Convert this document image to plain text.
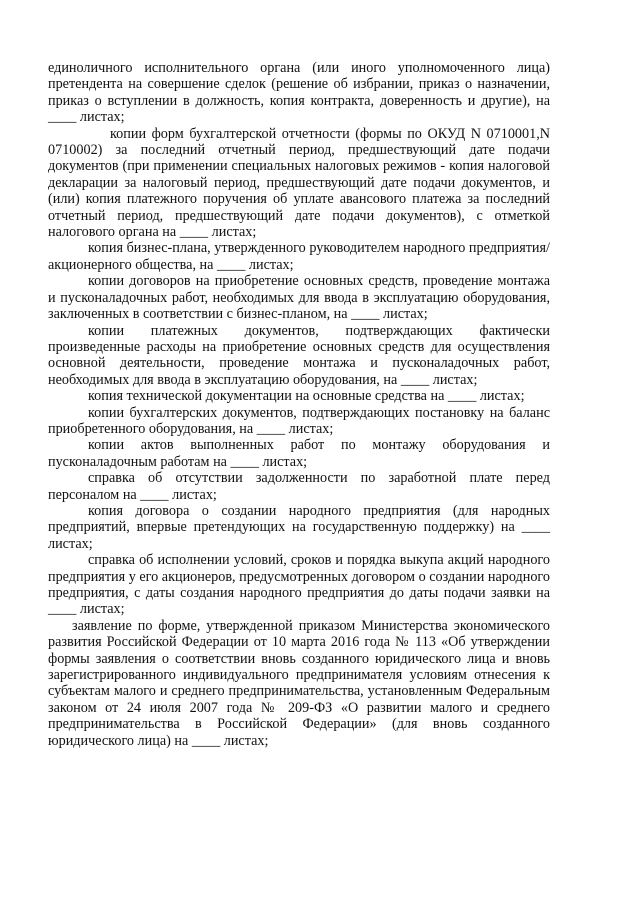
единоличного исполнительного органа (или иного уполномоченного лица) претендента на совершение сделок (решение об избрании, приказ о назначении, приказ о вступлении в должность, копия контракта, доверенность и другие), на ____ листах;

копии форм бухгалтерской отчетности (формы по ОКУД N 0710001,N 0710002) за последний отчетный период, предшествующий дате подачи документов (при применении специальных налоговых режимов - копия налоговой декларации за налоговый период, предшествующий дате подачи документов, и (или) копия платежного поручения об уплате авансового платежа за последний отчетный период, предшествующий дате подачи документов), с отметкой налогового органа на ____ листах;

копия бизнес-плана, утвержденного руководителем народного предприятия/акционерного общества, на ____ листах;

копии договоров на приобретение основных средств, проведение монтажа и пусконаладочных работ, необходимых для ввода в эксплуатацию оборудования, заключенных в соответствии с бизнес-планом, на ____ листах;

копии платежных документов, подтверждающих фактически произведенные расходы на приобретение основных средств для осуществления основной деятельности, проведение монтажа и пусконаладочных работ, необходимых для ввода в эксплуатацию оборудования, на ____ листах;

копия технической документации на основные средства на ____ листах;

копии бухгалтерских документов, подтверждающих постановку на баланс приобретенного оборудования, на ____ листах;

копии актов выполненных работ по монтажу оборудования и пусконаладочным работам на ____ листах;

справка об отсутствии задолженности по заработной плате перед персоналом на ____ листах;

копия договора о создании народного предприятия (для народных предприятий, впервые претендующих на государственную поддержку) на ____ листах;

справка об исполнении условий, сроков и порядка выкупа акций народного предприятия у его акционеров, предусмотренных договором о создании народного предприятия, с даты создания народного предприятия до даты подачи заявки на ____ листах;

заявление по форме, утвержденной приказом Министерства экономического развития Российской Федерации от 10 марта 2016 года № 113 «Об утверждении формы заявления о соответствии вновь созданного юридического лица и вновь зарегистрированного индивидуального предпринимателя условиям отнесения к субъектам малого и среднего предпринимательства, установленным Федеральным законом от 24 июля 2007 года № 209-ФЗ «О развитии малого и среднего предпринимательства в Российской Федерации» (для вновь созданного юридического лица) на ____ листах;
